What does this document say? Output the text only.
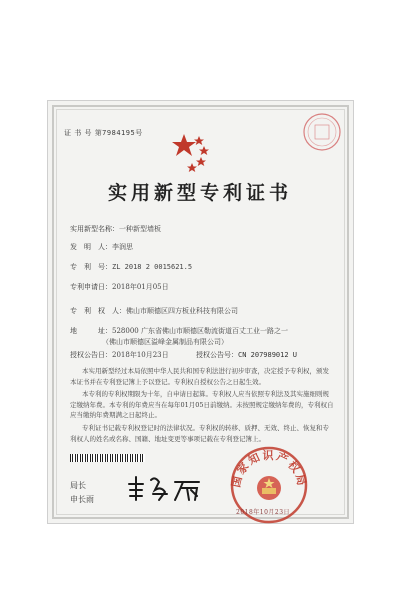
证 书 号 第7984195号
实用新型专利证书
实用新型名称：一种新型墙板
发　明　人：李润思
专　利　号：ZL 2018 2 0015621.5
专利申请日：2018年01月05日
专　利　权　人：佛山市顺德区四方板业科技有限公司
地　　　址：528000 广东省佛山市顺德区勒流街道百丈工业一路之一
（佛山市顺德区溢峰金属制品有限公司）
授权公告日：2018年10月23日	授权公告号：CN 207989012 U
本实用新型经过本局依照中华人民共和国专利法进行初步审查，决定授予专利权，颁发本证书并在专利登记簿上予以登记。专利权自授权公告之日起生效。
本专利的专利权期限为十年，自申请日起算。专利权人应当依照专利法及其实施细则规定缴纳年费。本专利的年费应当在每年01月05日前缴纳。未按照规定缴纳年费的，专利权自应当缴纳年费期满之日起终止。
专利证书记载专利权登记时的法律状况。专利权的转移、质押、无效、终止、恢复和专利权人的姓名或名称、国籍、地址变更等事项记载在专利登记簿上。
局长
申长雨
国家知识产权局
2018年10月23日
